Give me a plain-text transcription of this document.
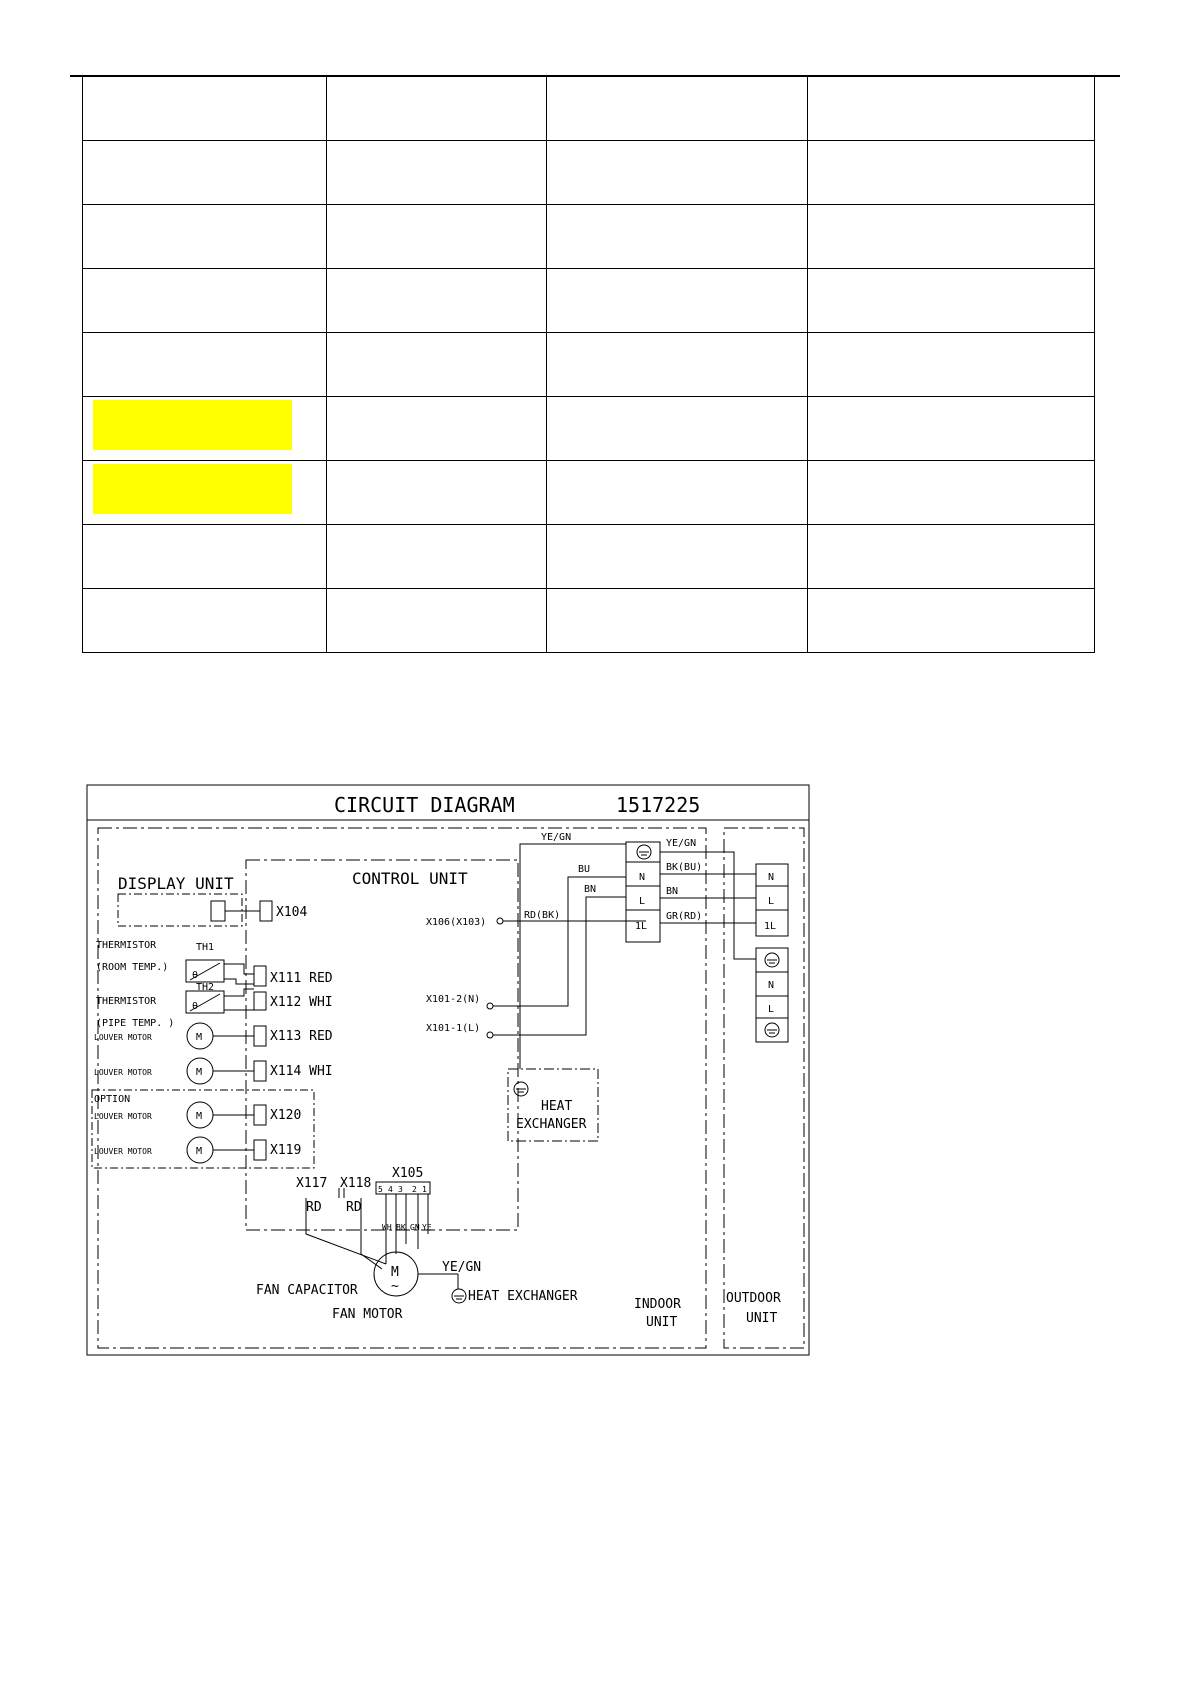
CIRCUIT DIAGRAM	1517225
CONTROL UNIT
DISPLAY UNIT
X104
THERMISTOR	TH1
(ROOM TEMP.)
θ
TH2
THERMISTOR	θ
(PIPE TEMP. )
X111 RED
X112 WHI
LOUVER MOTOR	M	X113 RED
LOUVER MOTOR	M	X114 WHI
OPTION
LOUVER MOTOR	M	X120
LOUVER MOTOR	M	X119
X106(X103)
X101-2(N)
X101-1(L)
HEAT
EXCHANGER
YE/GN
BU
BN
RD(BK)
N
L
1L
YE/GN
BK(BU)
BN
GR(RD)
N
L
1L
N
L
X105
5 4 3 2 1
WH BK GN YE
X117 X118
RD RD
FAN CAPACITOR
FAN MOTOR
M
~
YE/GN
HEAT EXCHANGER
INDOOR
UNIT
OUTDOOR
UNIT
